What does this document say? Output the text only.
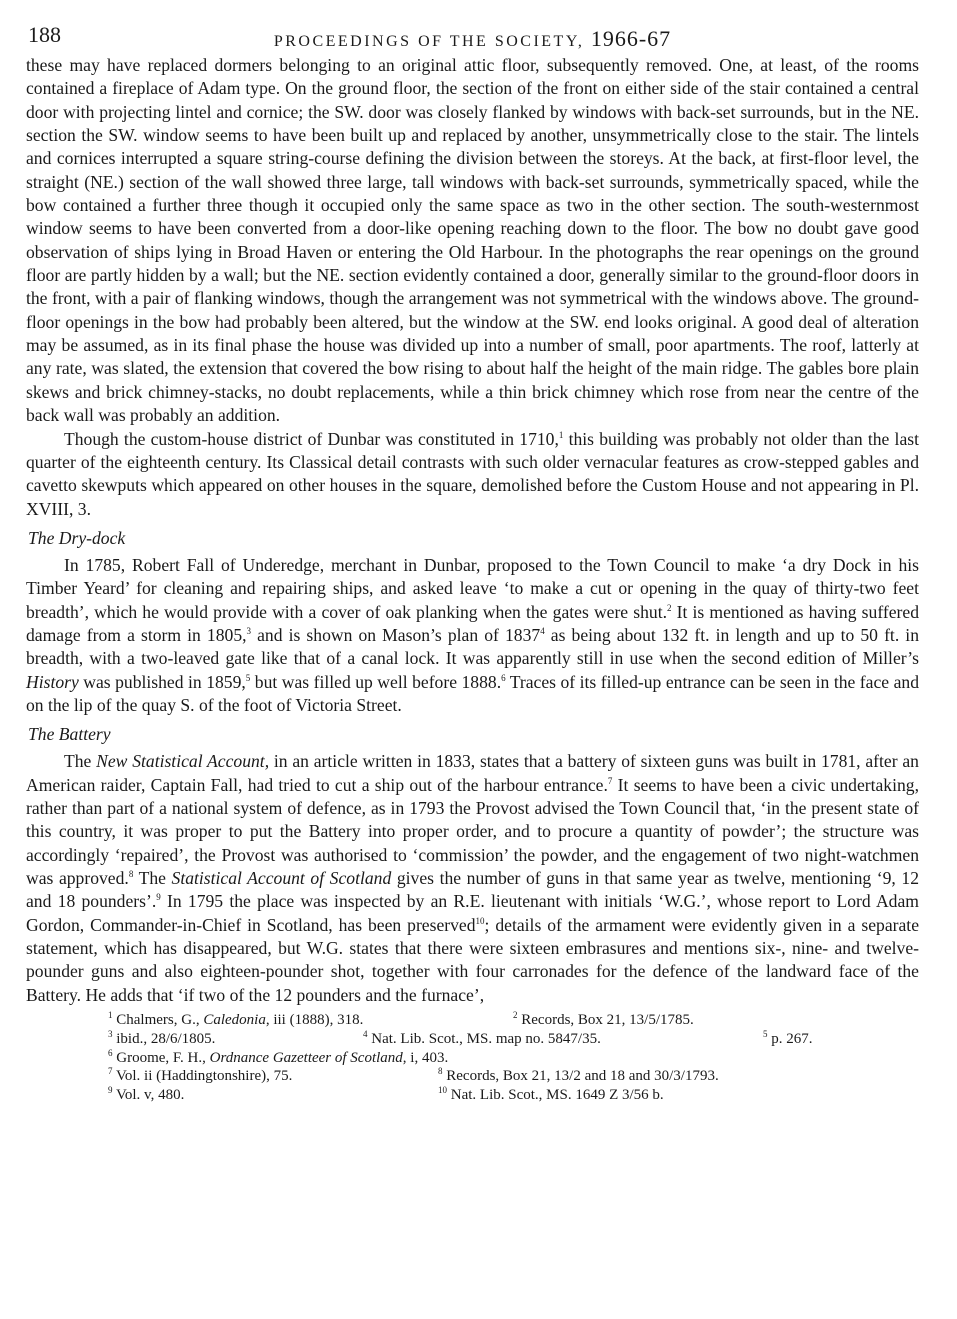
188	PROCEEDINGS OF THE SOCIETY, 1966-67

these may have replaced dormers belonging to an original attic floor, subsequently removed. One, at least, of the rooms contained a fireplace of Adam type. On the ground floor, the section of the front on either side of the stair contained a central door with projecting lintel and cornice; the SW. door was closely flanked by windows with back-set surrounds, but in the NE. section the SW. window seems to have been built up and replaced by another, unsymmetrically close to the stair. The lintels and cornices interrupted a square string-course defining the division between the storeys. At the back, at first-floor level, the straight (NE.) section of the wall showed three large, tall windows with back-set surrounds, symmetrically spaced, while the bow contained a further three though it occupied only the same space as two in the other section. The south-westernmost window seems to have been converted from a door-like opening reaching down to the floor. The bow no doubt gave good observation of ships lying in Broad Haven or entering the Old Harbour. In the photographs the rear openings on the ground floor are partly hidden by a wall; but the NE. section evidently contained a door, generally similar to the ground-floor doors in the front, with a pair of flanking windows, though the arrangement was not symmetrical with the windows above. The ground-floor openings in the bow had probably been altered, but the window at the SW. end looks original. A good deal of alteration may be assumed, as in its final phase the house was divided up into a number of small, poor apartments. The roof, latterly at any rate, was slated, the extension that covered the bow rising to about half the height of the main ridge. The gables bore plain skews and brick chimney-stacks, no doubt replacements, while a thin brick chimney which rose from near the centre of the back wall was probably an addition.

Though the custom-house district of Dunbar was constituted in 1710,$^1$ this building was probably not older than the last quarter of the eighteenth century. Its Classical detail contrasts with such older vernacular features as crow-stepped gables and cavetto skewputs which appeared on other houses in the square, demolished before the Custom House and not appearing in Pl. XVIII, 3.

The Dry-dock

In 1785, Robert Fall of Underedge, merchant in Dunbar, proposed to the Town Council to make ‘a dry Dock in his Timber Yeard’ for cleaning and repairing ships, and asked leave ‘to make a cut or opening in the quay of thirty-two feet breadth’, which he would provide with a cover of oak planking when the gates were shut.$^2$ It is mentioned as having suffered damage from a storm in 1805,$^3$ and is shown on Mason’s plan of 1837$^4$ as being about 132 ft. in length and up to 50 ft. in breadth, with a two-leaved gate like that of a canal lock. It was apparently still in use when the second edition of Miller’s History was published in 1859,$^5$ but was filled up well before 1888.$^6$ Traces of its filled-up entrance can be seen in the face and on the lip of the quay S. of the foot of Victoria Street.

The Battery

The New Statistical Account, in an article written in 1833, states that a battery of sixteen guns was built in 1781, after an American raider, Captain Fall, had tried to cut a ship out of the harbour entrance.$^7$ It seems to have been a civic undertaking, rather than part of a national system of defence, as in 1793 the Provost advised the Town Council that, ‘in the present state of this country, it was proper to put the Battery into proper order, and to procure a quantity of powder’; the structure was accordingly ‘repaired’, the Provost was authorised to ‘commission’ the powder, and the engagement of two night-watchmen was approved.$^8$ The Statistical Account of Scotland gives the number of guns in that same year as twelve, mentioning ‘9, 12 and 18 pounders’.$^9$ In 1795 the place was inspected by an R.E. lieutenant with initials ‘W.G.’, whose report to Lord Adam Gordon, Commander-in-Chief in Scotland, has been preserved$^{10}$; details of the armament were evidently given in a separate statement, which has disappeared, but W.G. states that there were sixteen embrasures and mentions six-, nine- and twelve-pounder guns and also eighteen-pounder shot, together with four carronades for the defence of the landward face of the Battery. He adds that ‘if two of the 12 pounders and the furnace’,

$^1$ Chalmers, G., Caledonia, iii (1888), 318.	$^2$ Records, Box 21, 13/5/1785.
$^3$ ibid., 28/6/1805.	$^4$ Nat. Lib. Scot., MS. map no. 5847/35.	$^5$ p. 267.
$^6$ Groome, F. H., Ordnance Gazetteer of Scotland, i, 403.
$^7$ Vol. ii (Haddingtonshire), 75.	$^8$ Records, Box 21, 13/2 and 18 and 30/3/1793.
$^9$ Vol. v, 480.	$^{10}$ Nat. Lib. Scot., MS. 1649 Z 3/56 b.
